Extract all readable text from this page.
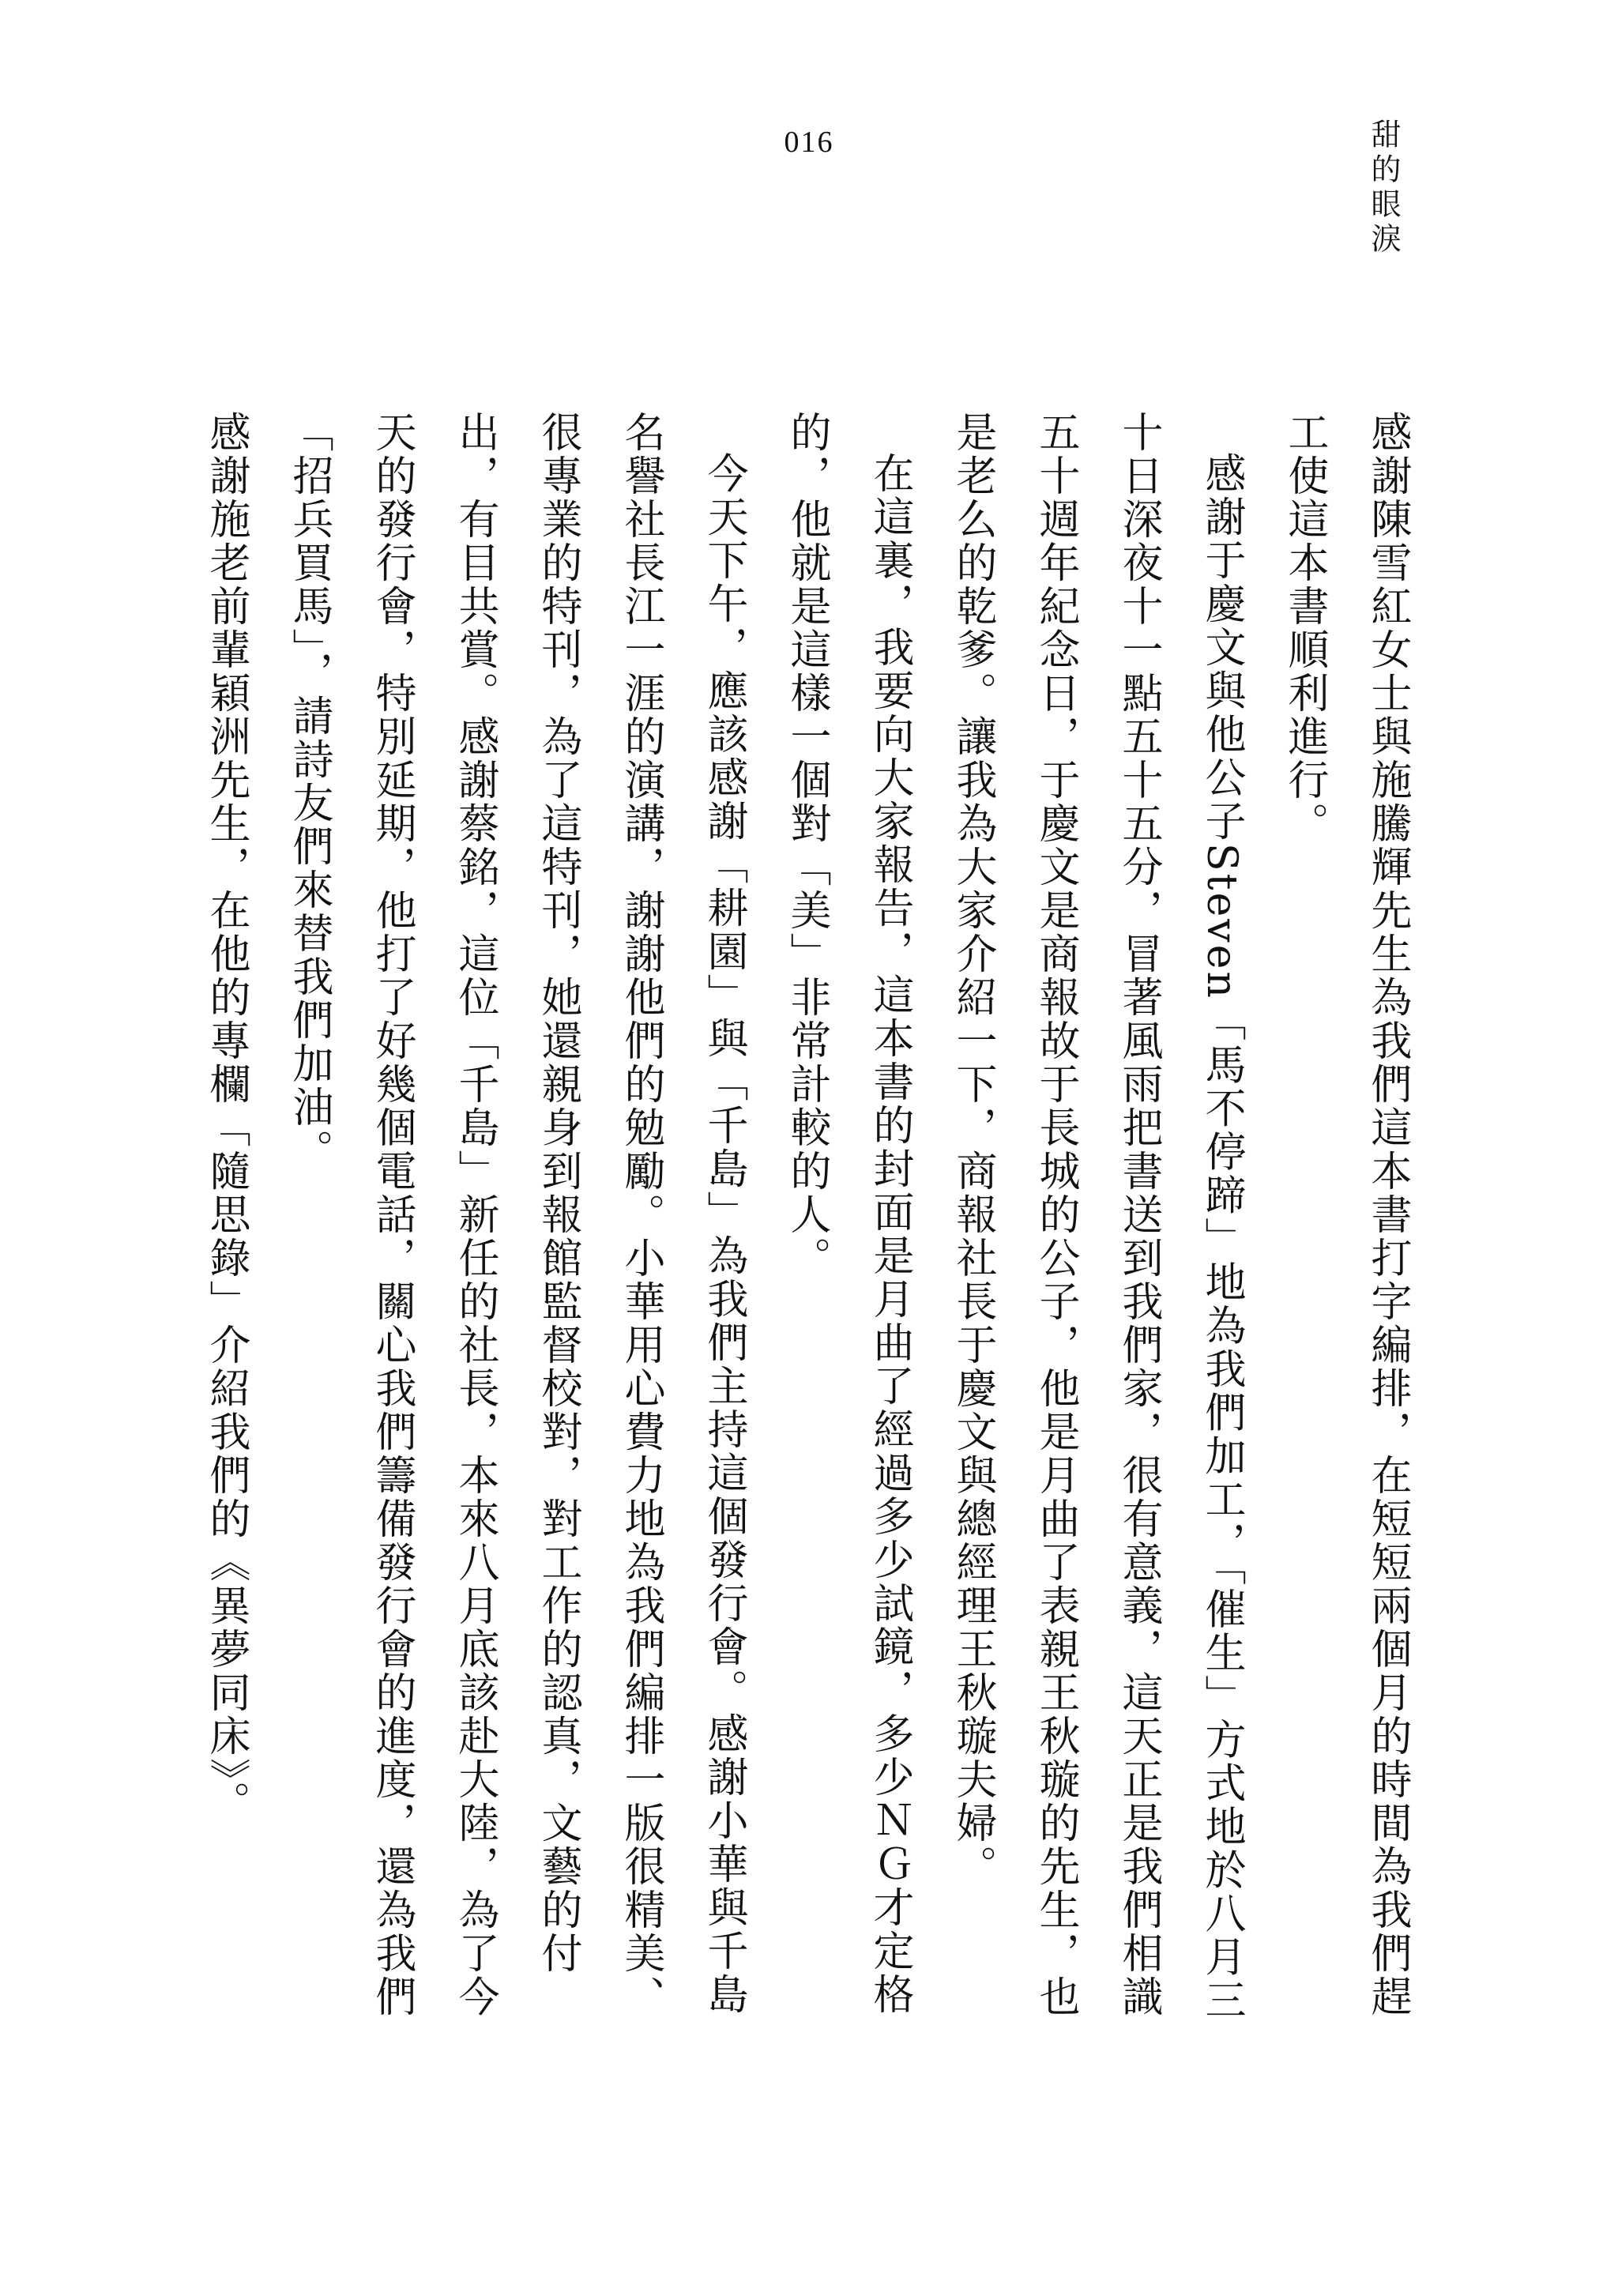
016	甜的眼淚

感謝陳雪紅女士與施騰輝先生為我們這本書打字編排，在短短兩個月的時間為我們趕工使這本書順利進行。

感謝于慶文與他公子Steven「馬不停蹄」地為我們加工，「催生」方式地於八月三十日深夜十一點五十五分，冒著風雨把書送到我們家，很有意義，這天正是我們相識五十週年紀念日，于慶文是商報故于長城的公子，他是月曲了表親王秋璇的先生，也是老么的乾爹。讓我為大家介紹一下，商報社長于慶文與總經理王秋璇夫婦。

在這裏，我要向大家報告，這本書的封面是月曲了經過多少試鏡，多少ＮＧ才定格的，他就是這樣一個對「美」非常計較的人。

今天下午，應該感謝「耕園」與「千島」為我們主持這個發行會。感謝小華與千島名譽社長江一涯的演講，謝謝他們的勉勵。小華用心費力地為我們編排一版很精美、很專業的特刊，為了這特刊，她還親身到報館監督校對，對工作的認真，文藝的付出，有目共賞。感謝蔡銘，這位「千島」新任的社長，本來八月底該赴大陸，為了今天的發行會，特別延期，他打了好幾個電話，關心我們籌備發行會的進度，還為我們「招兵買馬」，請詩友們來替我們加油。

感謝施老前輩穎洲先生，在他的專欄「隨思錄」介紹我們的《異夢同床》。
